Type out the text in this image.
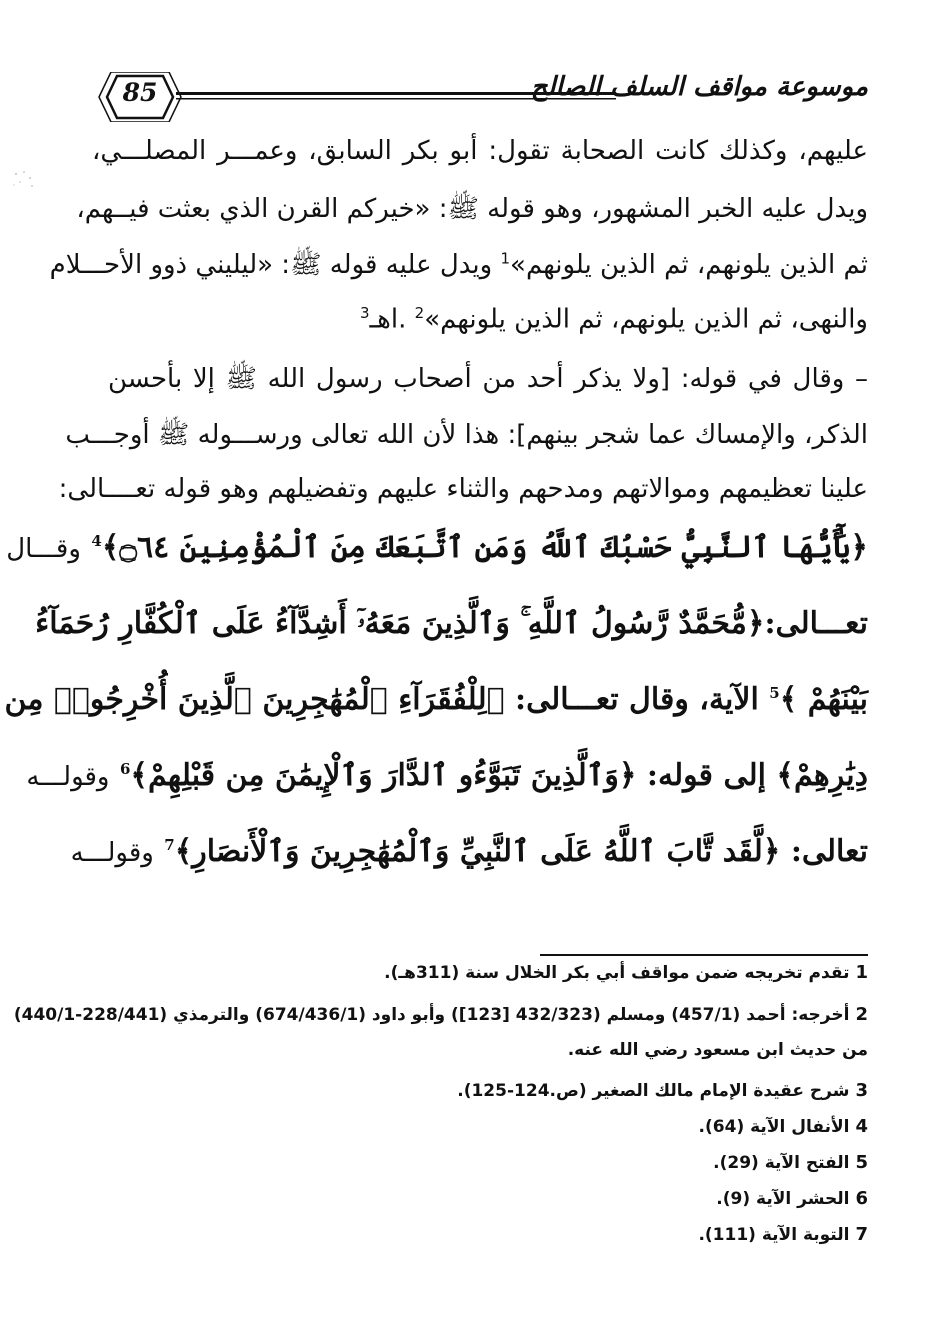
85	موسوعة مواقف السلف الصالح
عليهم، وكذلك كانت الصحابة تقول: أبو بكر السابق، وعمـــر المصلـــي،
ويدل عليه الخبر المشهور، وهو قوله ﷺ: «خيركم القرن الذي بعثت فيــهم،
ثم الذين يلونهم، ثم الذين يلونهم»$^1$ ويدل عليه قوله ﷺ: «ليليني ذوو الأحـــلام
والنهى، ثم الذين يلونهم، ثم الذين يلونهم»$^2$ .اهـ$^3$
– وقال في قوله: [ولا يذكر أحد من أصحاب رسول الله ﷺ إلا بأحسن
الذكر، والإمساك عما شجر بينهم]: هذا لأن الله تعالى ورســـوله ﷺ أوجـــب
علينا تعظيمهم وموالاتهم ومدحهم والثناء عليهم وتفضيلهم وهو قوله تعــــالى:
﴿يَٰٓأَيُّهَا ٱلنَّبِيُّ حَسْبُكَ ٱللَّهُ وَمَنِ ٱتَّبَعَكَ مِنَ ٱلْمُؤْمِنِينَ ۝٦٤﴾$^4$ وقـــال
تعـــالى:﴿مُّحَمَّدٌ رَّسُولُ ٱللَّهِ ۚ وَٱلَّذِينَ مَعَهُۥٓ أَشِدَّآءُ عَلَى ٱلْكُفَّارِ رُحَمَآءُ
بَيْنَهُمْ ﴾$^5$ الآية، وقال تعـــالى: ﴿لِلْفُقَرَآءِ ٱلْمُهَٰجِرِينَ ٱلَّذِينَ أُخْرِجُوا۟ مِن
دِيَٰرِهِمْ﴾ إلى قوله: ﴿وَٱلَّذِينَ تَبَوَّءُو ٱلدَّارَ وَٱلْإِيمَٰنَ مِن قَبْلِهِمْ﴾$^6$ وقولـــه
تعالى: ﴿لَّقَد تَّابَ ٱللَّهُ عَلَى ٱلنَّبِيِّ وَٱلْمُهَٰجِرِينَ وَٱلْأَنصَارِ﴾$^7$ وقولـــه
1تقدم تخريجه ضمن مواقف أبي بكر الخلال سنة (311هـ).
2أخرجه: أحمد (457/1) ومسلم (432/323 [123]) وأبو داود (674/436/1) والترمذي (228/441-440/1)
من حديث ابن مسعود رضي الله عنه.
3شرح عقيدة الإمام مالك الصغير (ص.124-125).
4الأنفال الآية (64).
5الفتح الآية (29).
6الحشر الآية (9).
7التوبة الآية (111).
